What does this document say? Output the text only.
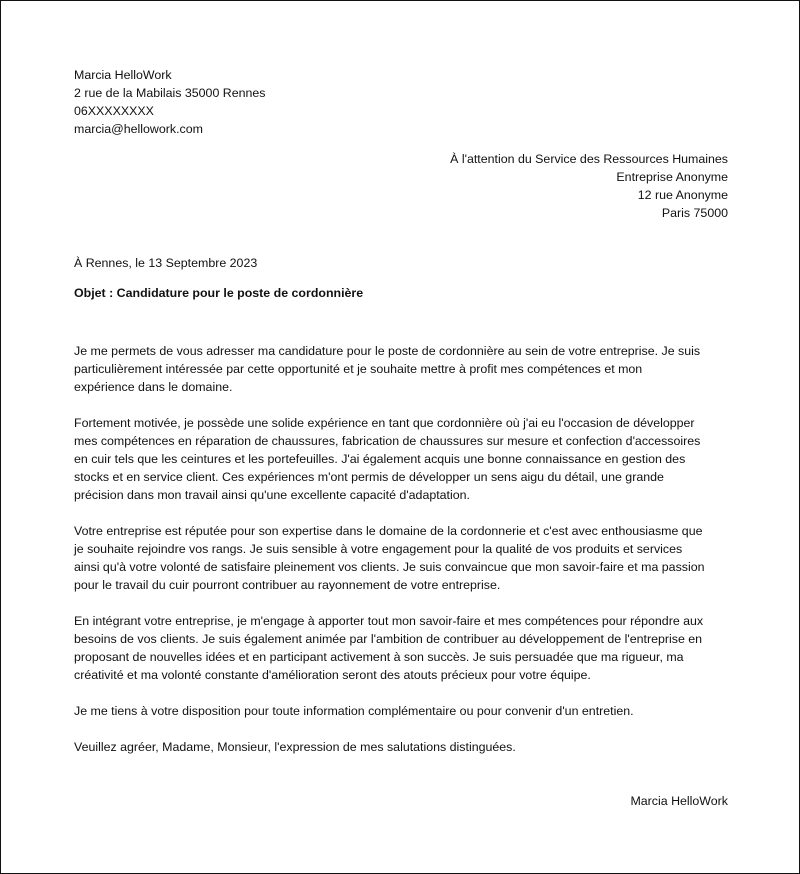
Marcia HelloWork
2 rue de la Mabilais 35000 Rennes
06XXXXXXXX
marcia@hellowork.com
À l'attention du Service des Ressources Humaines
Entreprise Anonyme
12 rue Anonyme
Paris 75000
À Rennes, le 13 Septembre 2023
Objet : Candidature pour le poste de cordonnière
Je me permets de vous adresser ma candidature pour le poste de cordonnière au sein de votre entreprise. Je suis
particulièrement intéressée par cette opportunité et je souhaite mettre à profit mes compétences et mon
expérience dans le domaine.
Fortement motivée, je possède une solide expérience en tant que cordonnière où j'ai eu l'occasion de développer
mes compétences en réparation de chaussures, fabrication de chaussures sur mesure et confection d'accessoires
en cuir tels que les ceintures et les portefeuilles. J'ai également acquis une bonne connaissance en gestion des
stocks et en service client. Ces expériences m'ont permis de développer un sens aigu du détail, une grande
précision dans mon travail ainsi qu'une excellente capacité d'adaptation.
Votre entreprise est réputée pour son expertise dans le domaine de la cordonnerie et c'est avec enthousiasme que
je souhaite rejoindre vos rangs. Je suis sensible à votre engagement pour la qualité de vos produits et services
ainsi qu'à votre volonté de satisfaire pleinement vos clients. Je suis convaincue que mon savoir-faire et ma passion
pour le travail du cuir pourront contribuer au rayonnement de votre entreprise.
En intégrant votre entreprise, je m'engage à apporter tout mon savoir-faire et mes compétences pour répondre aux
besoins de vos clients. Je suis également animée par l'ambition de contribuer au développement de l'entreprise en
proposant de nouvelles idées et en participant activement à son succès. Je suis persuadée que ma rigueur, ma
créativité et ma volonté constante d'amélioration seront des atouts précieux pour votre équipe.
Je me tiens à votre disposition pour toute information complémentaire ou pour convenir d'un entretien.
Veuillez agréer, Madame, Monsieur, l'expression de mes salutations distinguées.
Marcia HelloWork
